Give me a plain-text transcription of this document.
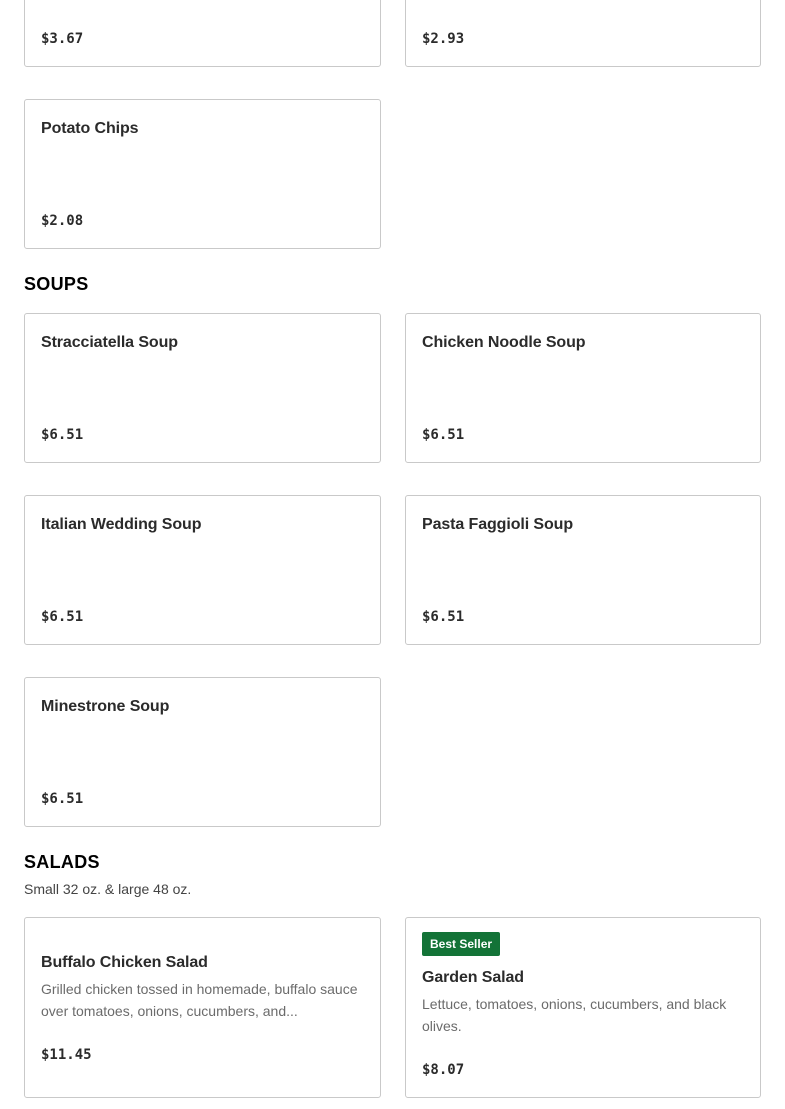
$3.67	$2.93
Potato Chips
$2.08
SOUPS
Stracciatella Soup
$6.51
Chicken Noodle Soup
$6.51
Italian Wedding Soup
$6.51
Pasta Faggioli Soup
$6.51
Minestrone Soup
$6.51
SALADS
Small 32 oz. & large 48 oz.
Buffalo Chicken Salad
Grilled chicken tossed in homemade, buffalo sauce over tomatoes, onions, cucumbers, and...
$11.45
Best Seller
Garden Salad
Lettuce, tomatoes, onions, cucumbers, and black olives.
$8.07
